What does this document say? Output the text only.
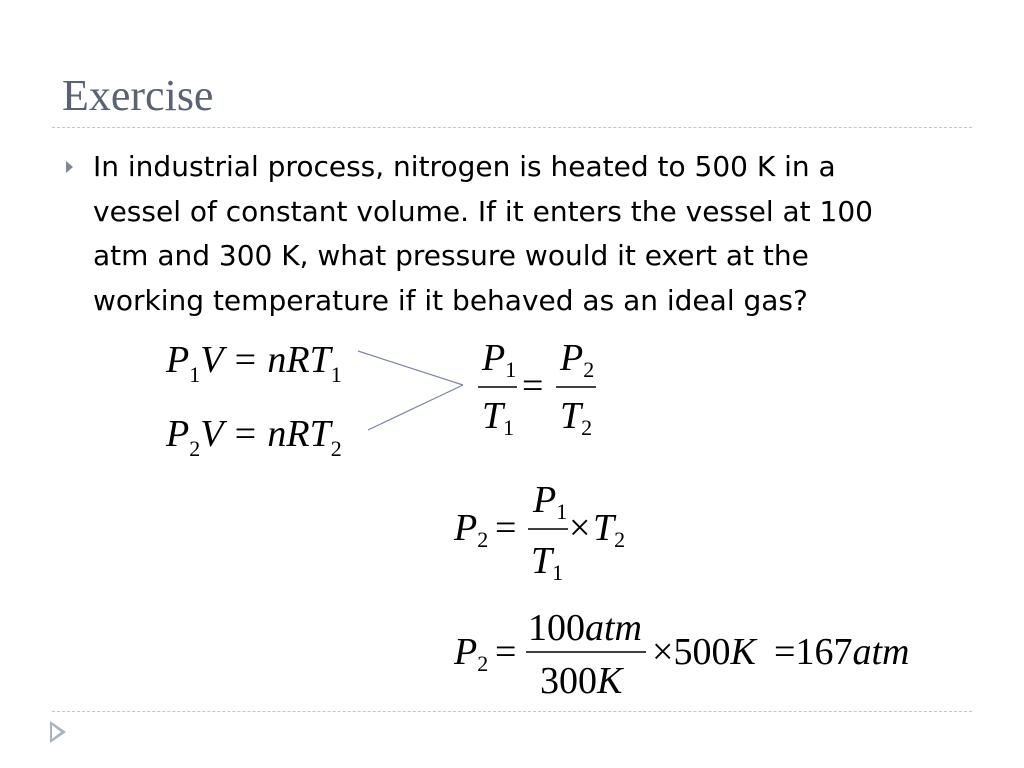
Exercise

In industrial process, nitrogen is heated to 500 K in a vessel of constant volume. If it enters the vessel at 100 atm and 300 K, what pressure would it exert at the working temperature if it behaved as an ideal gas?

$P_1V = nRT_1$
$P_2V = nRT_2$
P1
T1
=
P2
T2
P2 =
P1
T1
× T2
P2 =
100atm
300K
×500K =167atm
